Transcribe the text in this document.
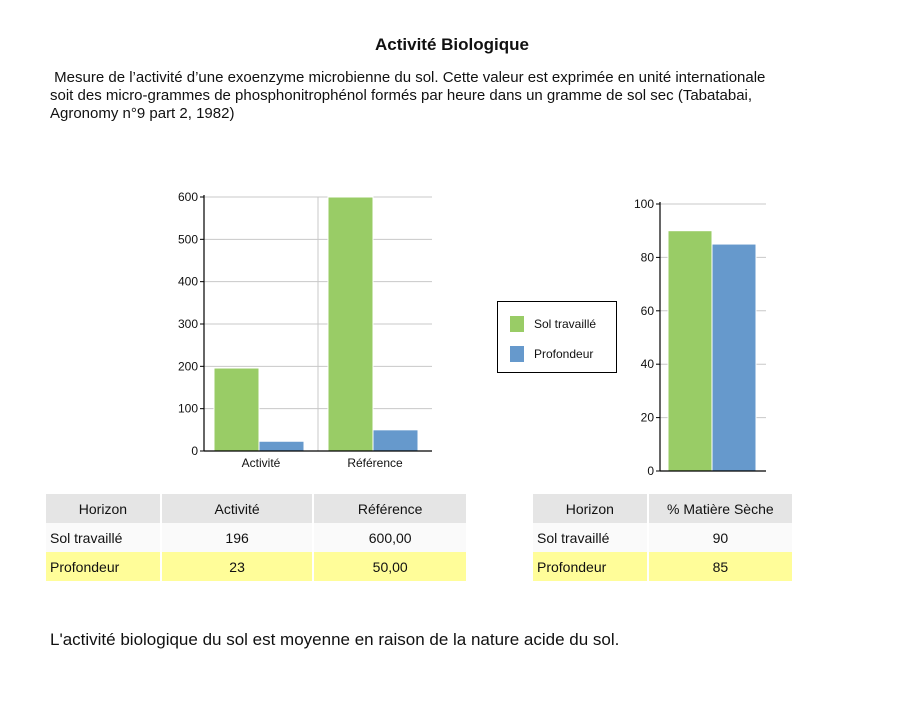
Activité Biologique
Mesure de l’activité d’une exoenzyme microbienne du sol. Cette valeur est exprimée en unité internationale
soit des micro-grammes de phosphonitrophénol formés par heure dans un gramme de sol sec (Tabatabai,
Agronomy n°9 part 2, 1982)
0
100
200
300
400
500
600
Activité	Référence
0
20
40
60
80
100
Sol travaillé
Profondeur
Horizon	Activité	Référence
Sol travaillé	196	600,00
Profondeur	23	50,00
Horizon	% Matière Sèche
Sol travaillé	90
Profondeur	85
L'activité biologique du sol est moyenne en raison de la nature acide du sol.
